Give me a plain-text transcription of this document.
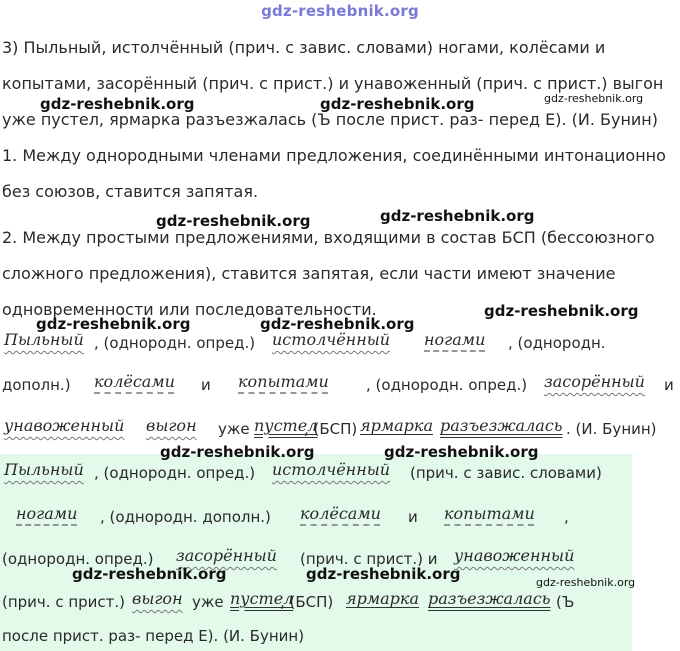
gdz-reshebnik.org
3) Пыльный, истолчённый (прич. с завис. словами) ногами, колёсами и
копытами, засорённый (прич. с прист.) и унавоженный (прич. с прист.) выгон
уже пустел, ярмарка разъезжалась (Ъ после прист. раз- перед Е). (И. Бунин)
1. Между однородными членами предложения, соединёнными интонационно
без союзов, ставится запятая.
2. Между простыми предложениями, входящими в состав БСП (бессоюзного
сложного предложения), ставится запятая, если части имеют значение
одновременности или последовательности.
Пыльный , (однородн. опред.) истолчённый ногами , (однородн.
дополн.) колёсами и копытами , (однородн. опред.) засорённый и
унавоженный выгон уже пустел
, (БСП) ярмарка разъезжалась . (И. Бунин)
Пыльный , (однородн. опред.) истолчённый (прич. с завис. словами)
ногами , (однородн. дополн.) колёсами и копытами ,
(однородн. опред.) засорённый (прич. с прист.) и унавоженный
(прич. с прист.) выгон уже пустел
, (БСП) ярмарка разъезжалась (Ъ
после прист. раз- перед Е). (И. Бунин)
gdz-reshebnik.org	gdz-reshebnik.org	gdz-reshebnik.org
gdz-reshebnik.org	gdz-reshebnik.org
gdz-reshebnik.org
gdz-reshebnik.org	gdz-reshebnik.org
gdz-reshebnik.org	gdz-reshebnik.org
gdz-reshebnik.org	gdz-reshebnik.org	gdz-reshebnik.org
